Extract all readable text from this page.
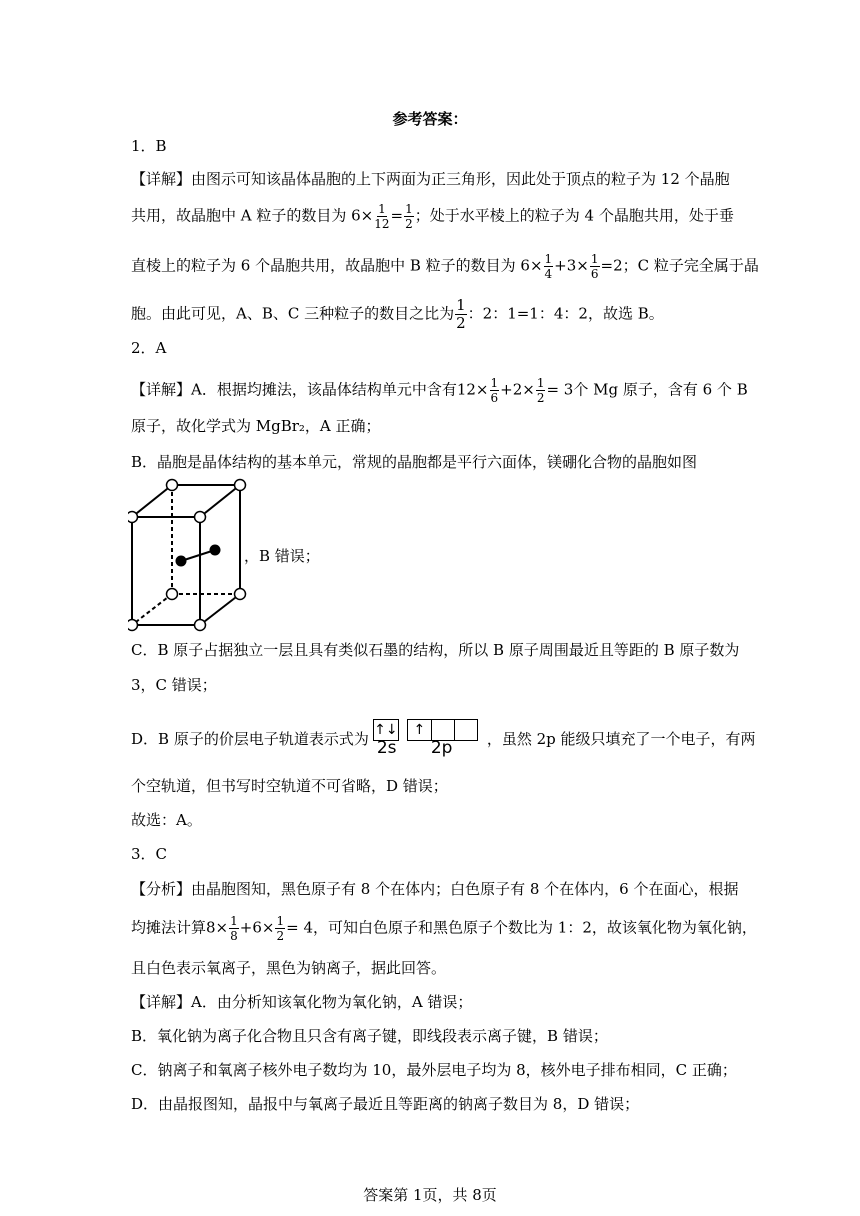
参考答案：
1．B
【详解】由图示可知该晶体晶胞的上下两面为正三角形，因此处于顶点的粒子为 12 个晶胞
共用，故晶胞中 A 粒子的数目为 $6\times \frac{1}{12} = \frac{1}{2}$ ；处于水平棱上的粒子为 4 个晶胞共用，处于垂
直棱上的粒子为 6 个晶胞共用，故晶胞中 B 粒子的数目为 $6\times \frac{1}{4} +3\times \frac{1}{6} =2$；C 粒子完全属于晶
胞。由此可见，A、B、C 三种粒子的数目之比为 $\frac{1}{2}$ ：2：1=1：4：2，故选 B。
2．A
【详解】A．根据均摊法，该晶体结构单元中含有$12\times \frac{1}{6} +2\times \frac{1}{2} = 3$个 Mg 原子，含有 6 个 B
原子，故化学式为 MgBr₂，A 正确；
B．晶胞是晶体结构的基本单元，常规的晶胞都是平行六面体，镁硼化合物的晶胞如图
，B 错误；
C．B 原子占据独立一层且具有类似石墨的结构，所以 B 原子周围最近且等距的 B 原子数为
3，C 错误；
D．B 原子的价层电子轨道表示式为 ↑↓	↑
2s 2p ，虽然 2p 能级只填充了一个电子，有两
个空轨道，但书写时空轨道不可省略，D 错误；
故选：A。
3．C
【分析】由晶胞图知，黑色原子有 8 个在体内；白色原子有 8 个在体内，6 个在面心，根据
均摊法计算$8\times \frac{1}{8} +6\times \frac{1}{2} = 4$，可知白色原子和黑色原子个数比为 1：2，故该氧化物为氧化钠，
且白色表示氧离子，黑色为钠离子，据此回答。
【详解】A．由分析知该氧化物为氧化钠，A 错误；
B．氧化钠为离子化合物且只含有离子键，即线段表示离子键，B 错误；
C．钠离子和氧离子核外电子数均为 10，最外层电子均为 8，核外电子排布相同，C 正确；
D．由晶报图知，晶报中与氧离子最近且等距离的钠离子数目为 8，D 错误；
答案第 1页，共 8页
